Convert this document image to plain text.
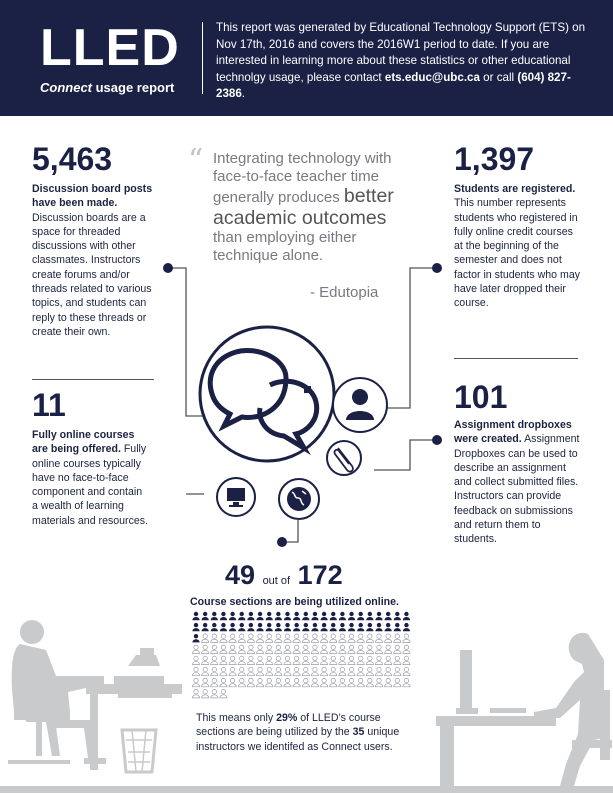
LLED
Connect usage report
This report was generated by Educational Technology Support (ETS) on Nov 17th, 2016 and covers the 2016W1 period to date. If you are interested in learning more about these statistics or other educational technolgy usage, please contact ets.educ@ubc.ca or call (604) 827-2386.
“ Integrating technology with face-to-face teacher time generally produces better academic outcomes than employing either technique alone.
- Edutopia
5,463
Discussion board posts have been made. Discussion boards are a space for threaded discussions with other classmates. Instructors create forums and/or threads related to various topics, and students can reply to these threads or create their own.
11
Fully online courses are being offered. Fully online courses typically have no face-to-face component and contain a wealth of learning materials and resources.
1,397
Students are registered. This number represents students who registered in fully online credit courses at the beginning of the semester and does not factor in students who may have later dropped their course.
101
Assignment dropboxes were created. Assignment Dropboxes can be used to describe an assignment and collect submitted files. Instructors can provide feedback on submissions and return them to students.
49 out of 172
Course sections are being utilized online.
This means only 29% of LLED’s course sections are being utilized by the 35 unique instructors we identifed as Connect users.
